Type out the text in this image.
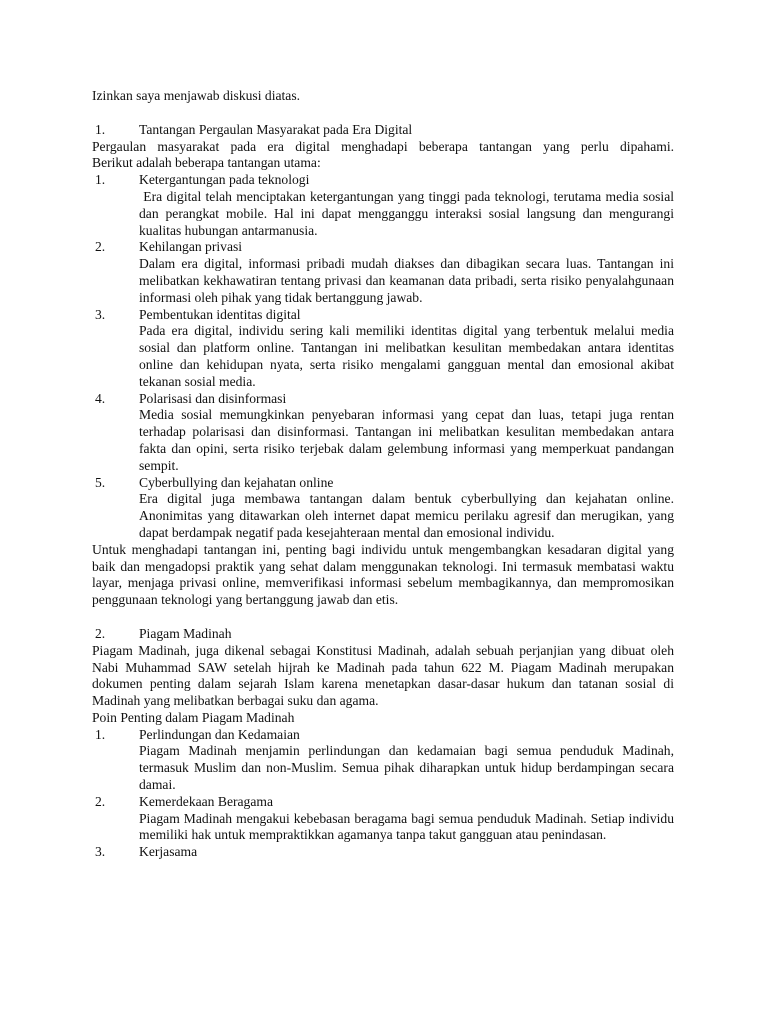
Izinkan saya menjawab diskusi diatas.
1. Tantangan Pergaulan Masyarakat pada Era Digital
Pergaulan masyarakat pada era digital menghadapi beberapa tantangan yang perlu dipahami.
Berikut adalah beberapa tantangan utama:
1. Ketergantungan pada teknologi
Era digital telah menciptakan ketergantungan yang tinggi pada teknologi, terutama media sosial dan perangkat mobile. Hal ini dapat mengganggu interaksi sosial langsung dan mengurangi kualitas hubungan antarmanusia.
2. Kehilangan privasi
Dalam era digital, informasi pribadi mudah diakses dan dibagikan secara luas. Tantangan ini melibatkan kekhawatiran tentang privasi dan keamanan data pribadi, serta risiko penyalahgunaan informasi oleh pihak yang tidak bertanggung jawab.
3. Pembentukan identitas digital
Pada era digital, individu sering kali memiliki identitas digital yang terbentuk melalui media sosial dan platform online. Tantangan ini melibatkan kesulitan membedakan antara identitas online dan kehidupan nyata, serta risiko mengalami gangguan mental dan emosional akibat tekanan sosial media.
4. Polarisasi dan disinformasi
Media sosial memungkinkan penyebaran informasi yang cepat dan luas, tetapi juga rentan terhadap polarisasi dan disinformasi. Tantangan ini melibatkan kesulitan membedakan antara fakta dan opini, serta risiko terjebak dalam gelembung informasi yang memperkuat pandangan sempit.
5. Cyberbullying dan kejahatan online
Era digital juga membawa tantangan dalam bentuk cyberbullying dan kejahatan online. Anonimitas yang ditawarkan oleh internet dapat memicu perilaku agresif dan merugikan, yang dapat berdampak negatif pada kesejahteraan mental dan emosional individu.
Untuk menghadapi tantangan ini, penting bagi individu untuk mengembangkan kesadaran digital yang baik dan mengadopsi praktik yang sehat dalam menggunakan teknologi. Ini termasuk membatasi waktu layar, menjaga privasi online, memverifikasi informasi sebelum membagikannya, dan mempromosikan penggunaan teknologi yang bertanggung jawab dan etis.
2. Piagam Madinah
Piagam Madinah, juga dikenal sebagai Konstitusi Madinah, adalah sebuah perjanjian yang dibuat oleh Nabi Muhammad SAW setelah hijrah ke Madinah pada tahun 622 M. Piagam Madinah merupakan dokumen penting dalam sejarah Islam karena menetapkan dasar-dasar hukum dan tatanan sosial di Madinah yang melibatkan berbagai suku dan agama.
Poin Penting dalam Piagam Madinah
1. Perlindungan dan Kedamaian
Piagam Madinah menjamin perlindungan dan kedamaian bagi semua penduduk Madinah, termasuk Muslim dan non-Muslim. Semua pihak diharapkan untuk hidup berdampingan secara damai.
2. Kemerdekaan Beragama
Piagam Madinah mengakui kebebasan beragama bagi semua penduduk Madinah. Setiap individu memiliki hak untuk mempraktikkan agamanya tanpa takut gangguan atau penindasan.
3. Kerjasama
